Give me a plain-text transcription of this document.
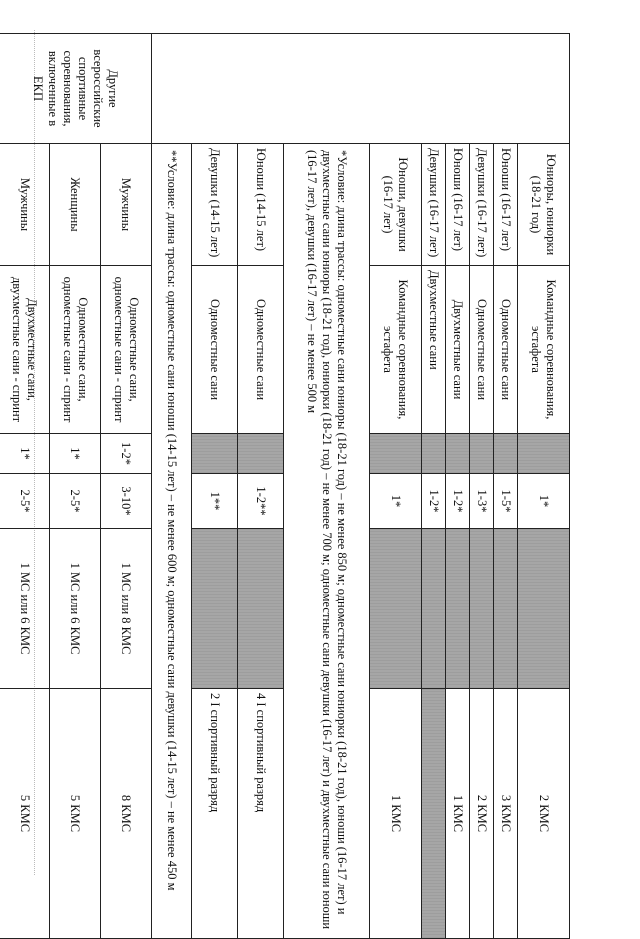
	Юниоры, юниорки (18-21 год)	Командные соревнования, эстафета		1*		2 КМС
	Юноши (16-17 лет)	Одноместные сани		1-5*		3 КМС
	Девушки (16-17 лет)	Одноместные сани		1-3*		2 КМС
	Юноши (16-17 лет)	Двухместные сани		1-2*		1 КМС
	Девушки (16-17 лет)	Двухместные сани		1-2*		
	Юноши, девушки (16-17 лет)	Командные соревнования, эстафета		1*		1 КМС
	*Условие: длина трассы: одноместные сани юниоры (18-21 год) – не менее 850 м; одноместные сани юниорки (18-21 год), юноши (16-17 лет) и двухместные сани юниоры (18-21 год), юниорки (18-21 год) – не менее 700 м; одноместные сани девушки (16-17 лет) и двухместные сани юноши (16-17 лет), девушки (16-17 лет) – не менее 500 м					
	Юноши (14-15 лет)	Одноместные сани		1-2**		4 I спортивный разряд
	Девушки (14-15 лет)	Одноместные сани		1**		2 I спортивный разряд
	**Условие: длина трассы: одноместные сани юноши (14-15 лет) – не менее 600 м; одноместные сани девушки (14-15 лет) – не менее 450 м					
Другие всероссийские спортивные соревнования, включенные в ЕКП	Мужчины	Одноместные сани, одноместные сани - спринт	1-2*	3-10*	1 МС или 8 КМС	8 КМС
	Женщины	Одноместные сани, одноместные сани - спринт	1*	2-5*	1 МС или 6 КМС	5 КМС
	Мужчины	Двухместные сани, двухместные сани - спринт	1*	2-5*	1 МС или 6 КМС	5 КМС
